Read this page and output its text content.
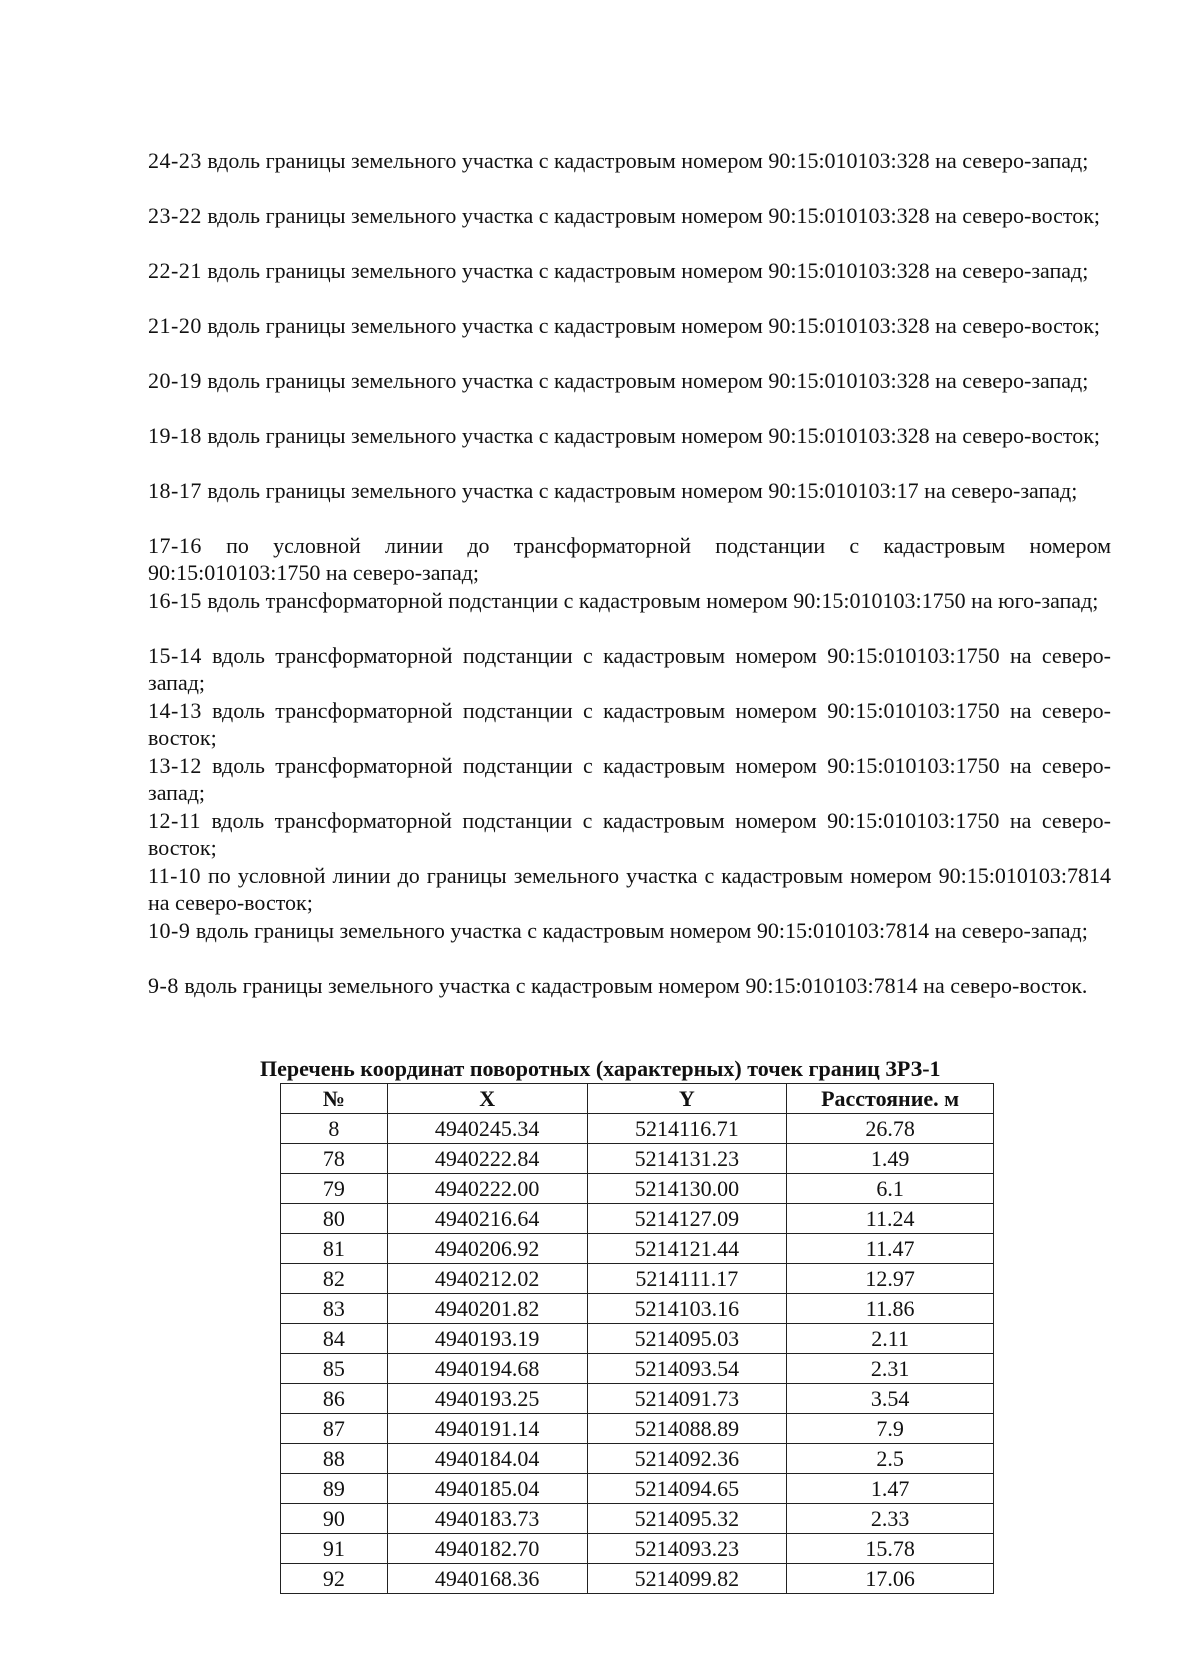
24-23 вдоль границы земельного участка с кадастровым номером 90:15:010103:328 на северо-запад;
23-22 вдоль границы земельного участка с кадастровым номером 90:15:010103:328 на северо-восток;
22-21 вдоль границы земельного участка с кадастровым номером 90:15:010103:328 на северо-запад;
21-20 вдоль границы земельного участка с кадастровым номером 90:15:010103:328 на северо-восток;
20-19 вдоль границы земельного участка с кадастровым номером 90:15:010103:328 на северо-запад;
19-18 вдоль границы земельного участка с кадастровым номером 90:15:010103:328 на северо-восток;
18-17 вдоль границы земельного участка с кадастровым номером 90:15:010103:17 на северо-запад;
17-16 по условной линии до трансформаторной подстанции с кадастровым номером 90:15:010103:1750 на северо-запад;
16-15 вдоль трансформаторной подстанции с кадастровым номером 90:15:010103:1750 на юго-запад;
15-14 вдоль трансформаторной подстанции с кадастровым номером 90:15:010103:1750 на северо-запад;
14-13 вдоль трансформаторной подстанции с кадастровым номером 90:15:010103:1750 на северо-восток;
13-12 вдоль трансформаторной подстанции с кадастровым номером 90:15:010103:1750 на северо-запад;
12-11 вдоль трансформаторной подстанции с кадастровым номером 90:15:010103:1750 на северо-восток;
11-10 по условной линии до границы земельного участка с кадастровым номером 90:15:010103:7814 на северо-восток;
10-9 вдоль границы земельного участка с кадастровым номером 90:15:010103:7814 на северо-запад;
9-8 вдоль границы земельного участка с кадастровым номером 90:15:010103:7814 на северо-восток.
Перечень координат поворотных (характерных) точек границ ЗРЗ-1
№	X	Y	Расстояние. м
8	4940245.34	5214116.71	26.78
78	4940222.84	5214131.23	1.49
79	4940222.00	5214130.00	6.1
80	4940216.64	5214127.09	11.24
81	4940206.92	5214121.44	11.47
82	4940212.02	5214111.17	12.97
83	4940201.82	5214103.16	11.86
84	4940193.19	5214095.03	2.11
85	4940194.68	5214093.54	2.31
86	4940193.25	5214091.73	3.54
87	4940191.14	5214088.89	7.9
88	4940184.04	5214092.36	2.5
89	4940185.04	5214094.65	1.47
90	4940183.73	5214095.32	2.33
91	4940182.70	5214093.23	15.78
92	4940168.36	5214099.82	17.06
